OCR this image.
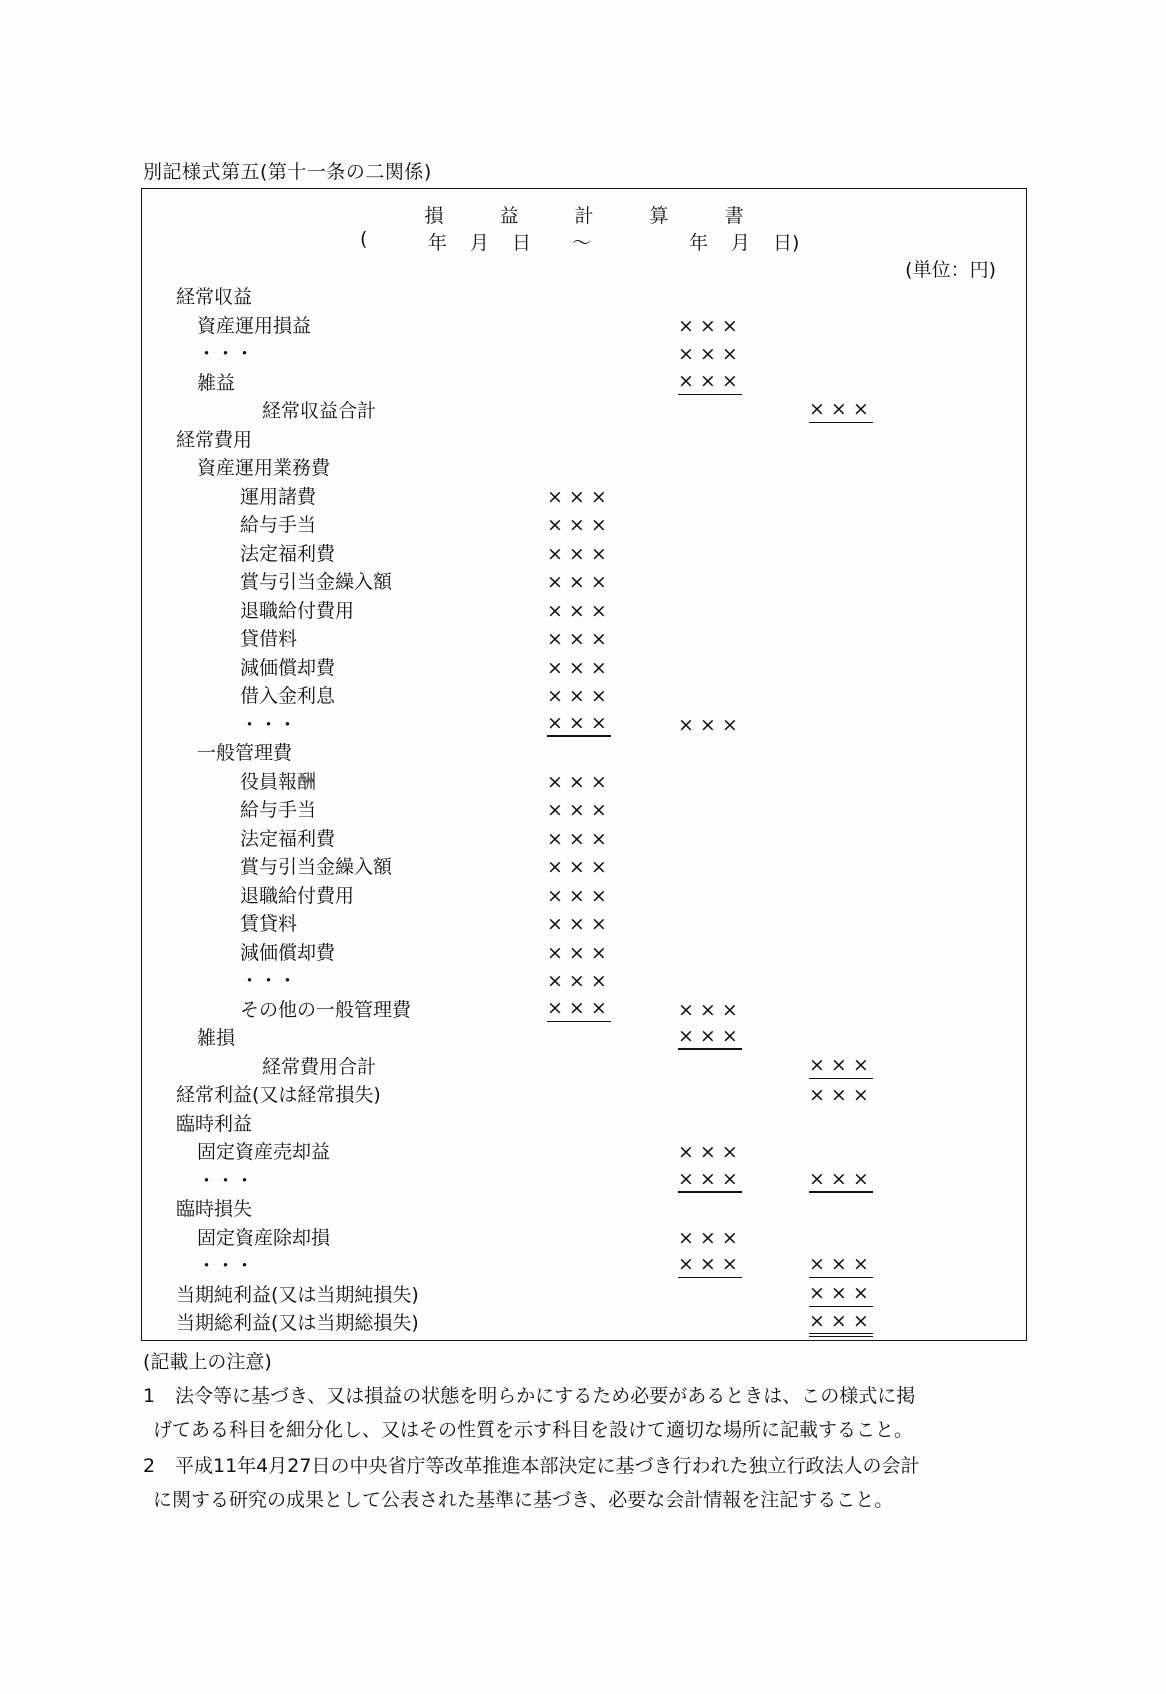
別記様式第五(第十一条の二関係)
損	益	計	算	書
(	年 月 日 ～	年 月 日)
(単位：円)
経常収益
資産運用損益	×××
・・・	×××
雑益	×××
経常収益合計	×××
経常費用
資産運用業務費
運用諸費	×××
給与手当	×××
法定福利費	×××
賞与引当金繰入額	×××
退職給付費用	×××
貸借料	×××
減価償却費	×××
借入金利息	×××
・・・	×××	×××
一般管理費
役員報酬	×××
給与手当	×××
法定福利費	×××
賞与引当金繰入額	×××
退職給付費用	×××
賃貸料	×××
減価償却費	×××
・・・	×××
その他の一般管理費	×××	×××
雑損	×××
経常費用合計	×××
経常利益(又は経常損失)	×××
臨時利益
固定資産売却益	×××
・・・	×××	×××
臨時損失
固定資産除却損	×××
・・・	×××	×××
当期純利益(又は当期純損失)	×××
当期総利益(又は当期総損失)	×××
(記載上の注意)
1 法令等に基づき、又は損益の状態を明らかにするため必要があるときは、この様式に掲
げてある科目を細分化し、又はその性質を示す科目を設けて適切な場所に記載すること。
2 平成11年4月27日の中央省庁等改革推進本部決定に基づき行われた独立行政法人の会計
に関する研究の成果として公表された基準に基づき、必要な会計情報を注記すること。
